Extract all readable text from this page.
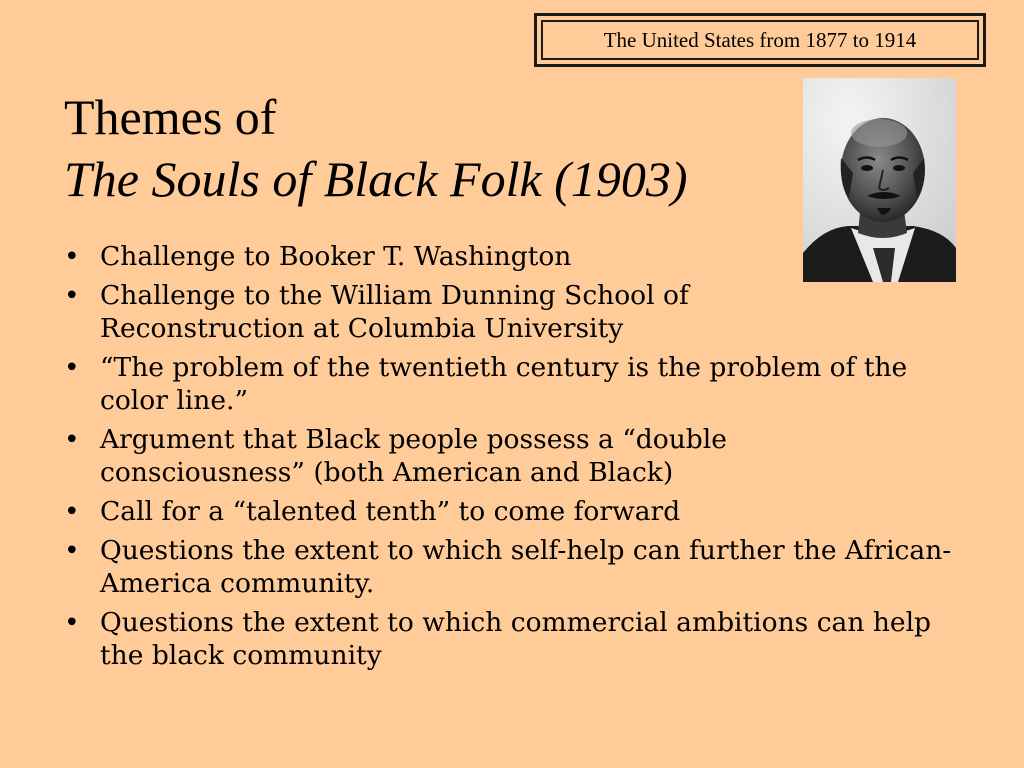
The United States from 1877 to 1914
Themes of
The Souls of Black Folk (1903)
• Challenge to Booker T. Washington
• Challenge to the William Dunning School of Reconstruction at Columbia University
• “The problem of the twentieth century is the problem of the color line.”
• Argument that Black people possess a “double consciousness” (both American and Black)
• Call for a “talented tenth” to come forward
• Questions the extent to which self-help can further the African-America community.
• Questions the extent to which commercial ambitions can help the black community
